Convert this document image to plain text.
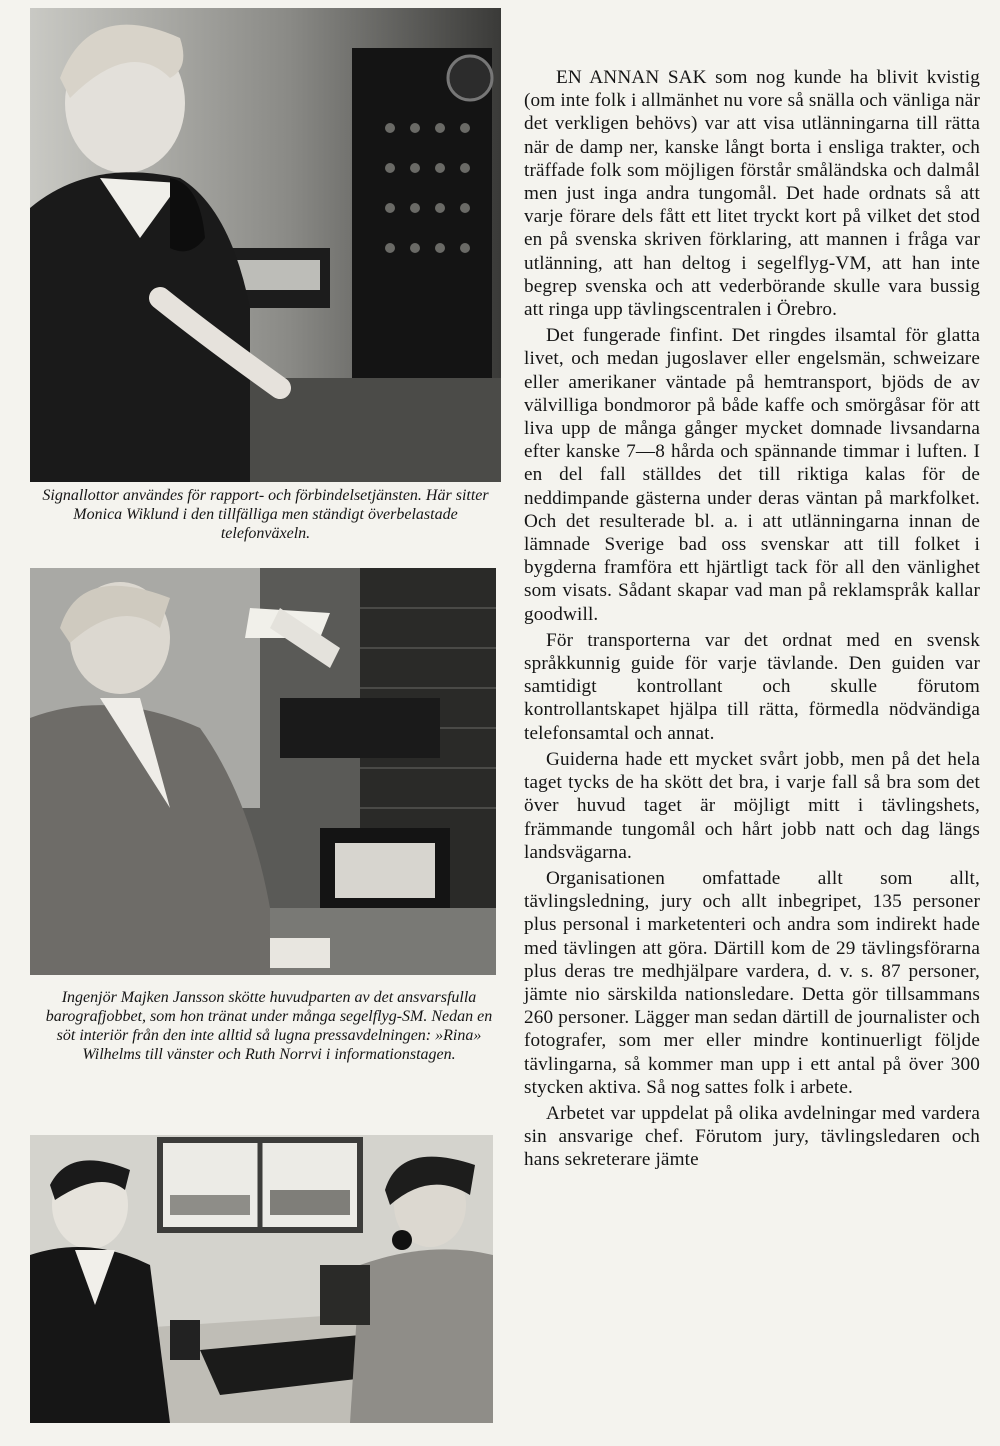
Signallottor användes för rapport- och förbindelsetjänsten. Här sitter Monica Wiklund i den tillfälliga men ständigt överbelastade telefonväxeln.

Ingenjör Majken Jansson skötte huvudparten av det ansvarsfulla barografjobbet, som hon tränat under många segelflyg-SM. Nedan en söt interiör från den inte alltid så lugna pressavdelningen: »Rina» Wilhelms till vänster och Ruth Norrvi i informationstagen.

EN ANNAN SAK som nog kunde ha blivit kvistig (om inte folk i allmänhet nu vore så snälla och vänliga när det verkligen behövs) var att visa utlänningarna till rätta när de damp ner, kanske långt borta i ensliga trakter, och träffade folk som möjligen förstår småländska och dalmål men just inga andra tungomål. Det hade ordnats så att varje förare dels fått ett litet tryckt kort på vilket det stod en på svenska skriven förklaring, att mannen i fråga var utlänning, att han deltog i segelflyg-VM, att han inte begrep svenska och att vederbörande skulle vara bussig att ringa upp tävlingscentralen i Örebro.

Det fungerade finfint. Det ringdes ilsamtal för glatta livet, och medan jugoslaver eller engelsmän, schweizare eller amerikaner väntade på hemtransport, bjöds de av välvilliga bondmoror på både kaffe och smörgåsar för att liva upp de många gånger mycket domnade livsandarna efter kanske 7—8 hårda och spännande timmar i luften. I en del fall ställdes det till riktiga kalas för de neddimpande gästerna under deras väntan på markfolket. Och det resulterade bl. a. i att utlänningarna innan de lämnade Sverige bad oss svenskar att till folket i bygderna framföra ett hjärtligt tack för all den vänlighet som visats. Sådant skapar vad man på reklamspråk kallar goodwill.

För transporterna var det ordnat med en svensk språkkunnig guide för varje tävlande. Den guiden var samtidigt kontrollant och skulle förutom kontrollantskapet hjälpa till rätta, förmedla nödvändiga telefonsamtal och annat.

Guiderna hade ett mycket svårt jobb, men på det hela taget tycks de ha skött det bra, i varje fall så bra som det över huvud taget är möjligt mitt i tävlingshets, främmande tungomål och hårt jobb natt och dag längs landsvägarna.

Organisationen omfattade allt som allt, tävlingsledning, jury och allt inbegripet, 135 personer plus personal i marketenteri och andra som indirekt hade med tävlingen att göra. Därtill kom de 29 tävlingsförarna plus deras tre medhjälpare vardera, d. v. s. 87 personer, jämte nio särskilda nationsledare. Detta gör tillsammans 260 personer. Lägger man sedan därtill de journalister och fotografer, som mer eller mindre kontinuerligt följde tävlingarna, så kommer man upp i ett antal på över 300 stycken aktiva. Så nog sattes folk i arbete.

Arbetet var uppdelat på olika avdelningar med vardera sin ansvarige chef. Förutom jury, tävlingsledaren och hans sekreterare jämte
